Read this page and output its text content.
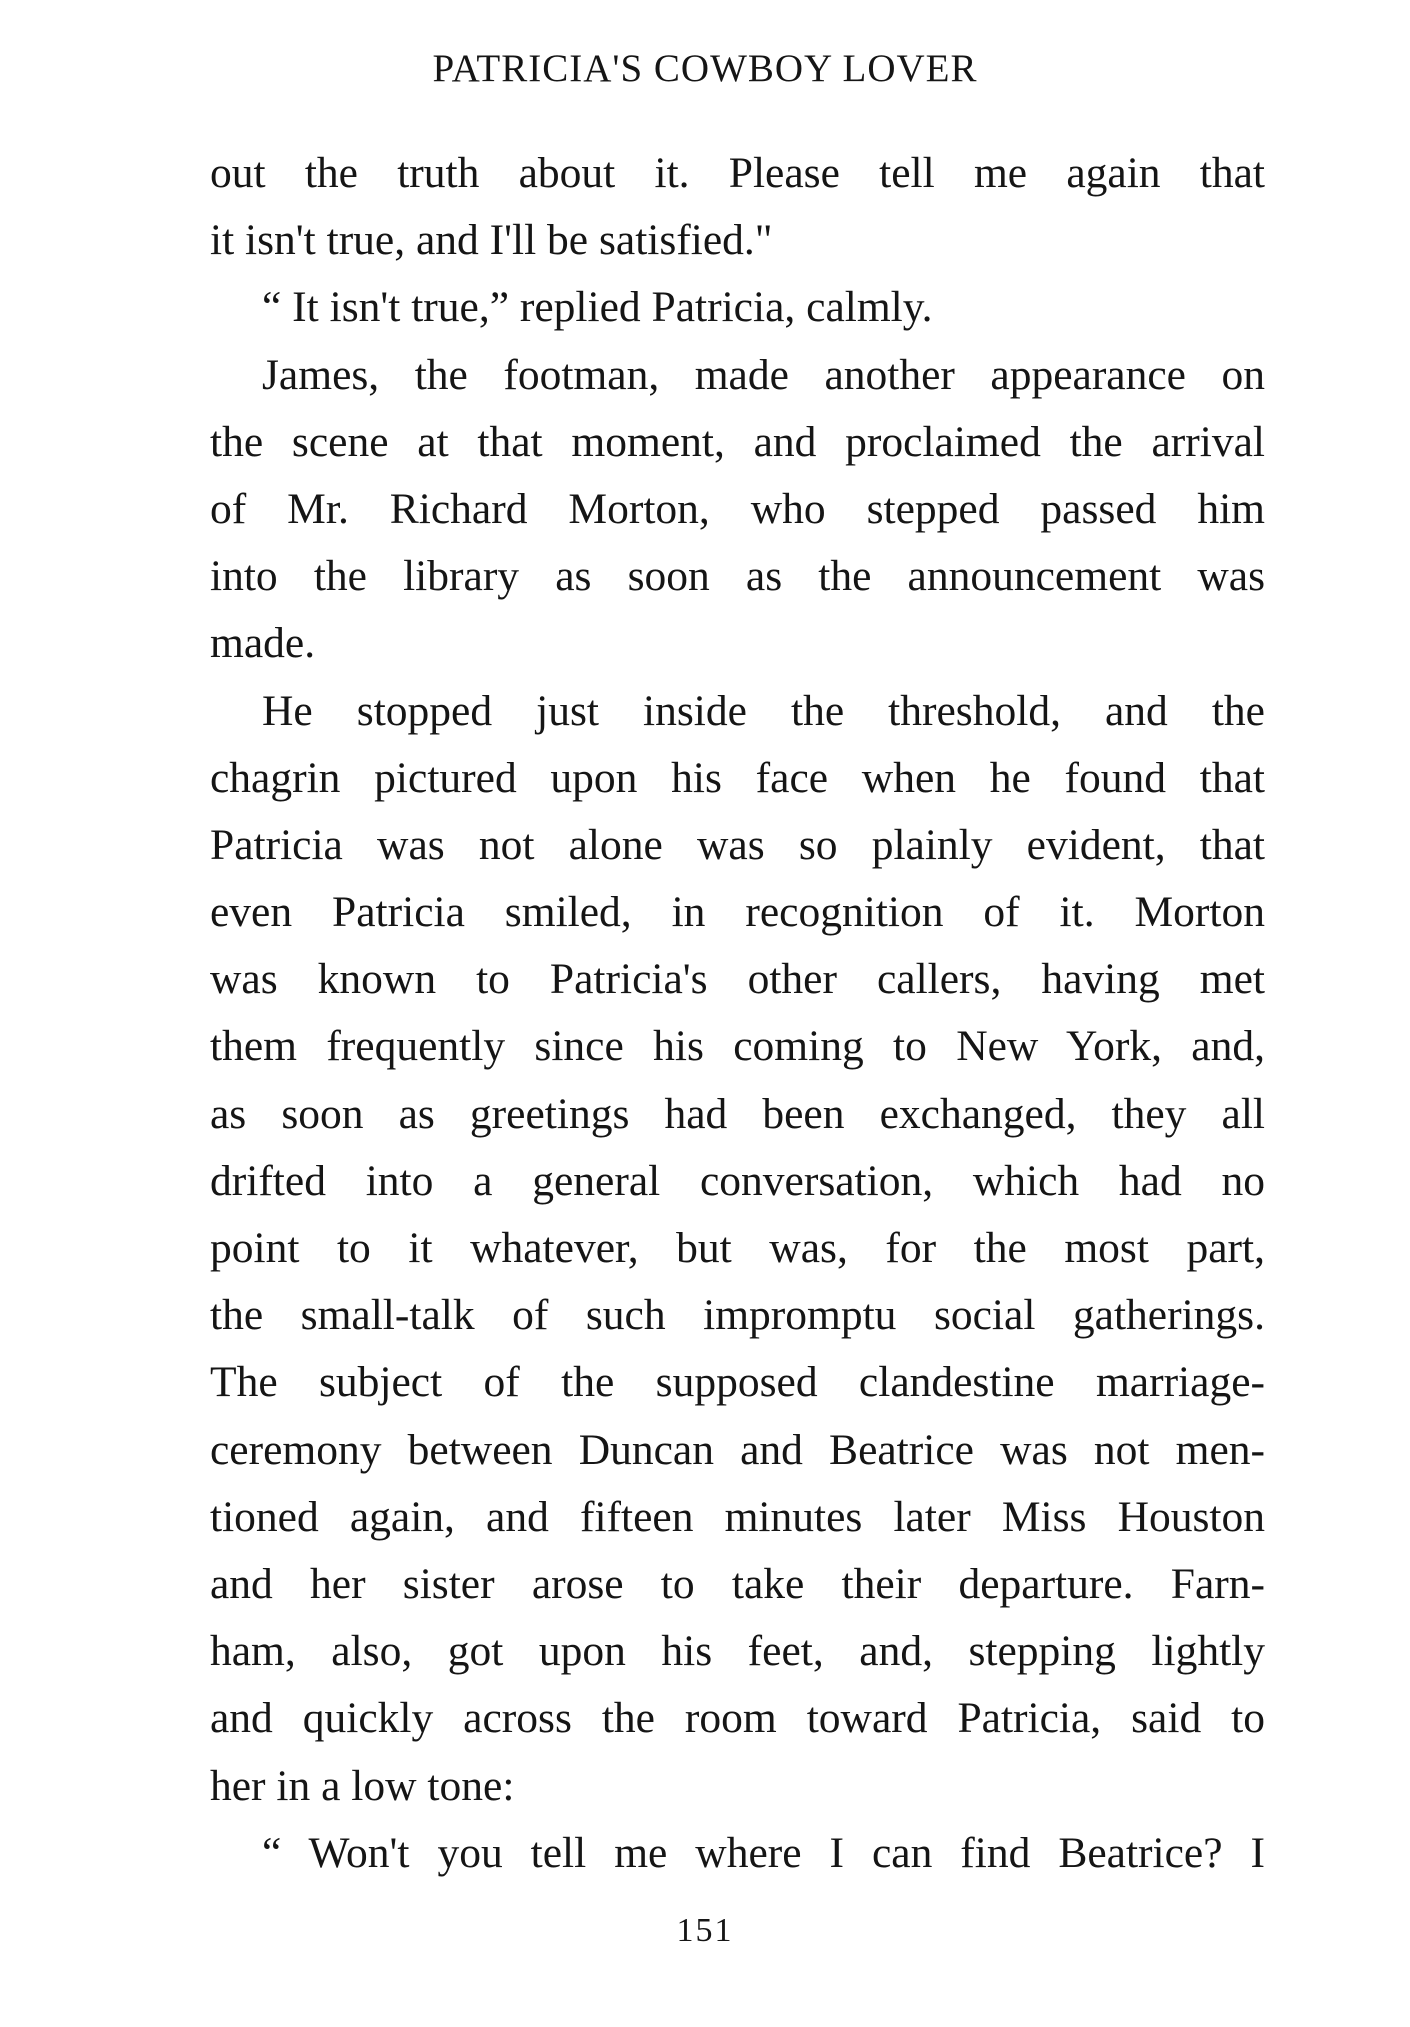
PATRICIA'S COWBOY LOVER
out the truth about it. Please tell me again that
it isn't true, and I'll be satisfied."
“ It isn't true,” replied Patricia, calmly.
James, the footman, made another appearance on
the scene at that moment, and proclaimed the arrival
of Mr. Richard Morton, who stepped passed him
into the library as soon as the announcement was
made.
He stopped just inside the threshold, and the
chagrin pictured upon his face when he found that
Patricia was not alone was so plainly evident, that
even Patricia smiled, in recognition of it. Morton
was known to Patricia's other callers, having met
them frequently since his coming to New York, and,
as soon as greetings had been exchanged, they all
drifted into a general conversation, which had no
point to it whatever, but was, for the most part,
the small-talk of such impromptu social gatherings.
The subject of the supposed clandestine marriage-
ceremony between Duncan and Beatrice was not men-
tioned again, and fifteen minutes later Miss Houston
and her sister arose to take their departure. Farn-
ham, also, got upon his feet, and, stepping lightly
and quickly across the room toward Patricia, said to
her in a low tone:
“ Won't you tell me where I can find Beatrice? I
151
